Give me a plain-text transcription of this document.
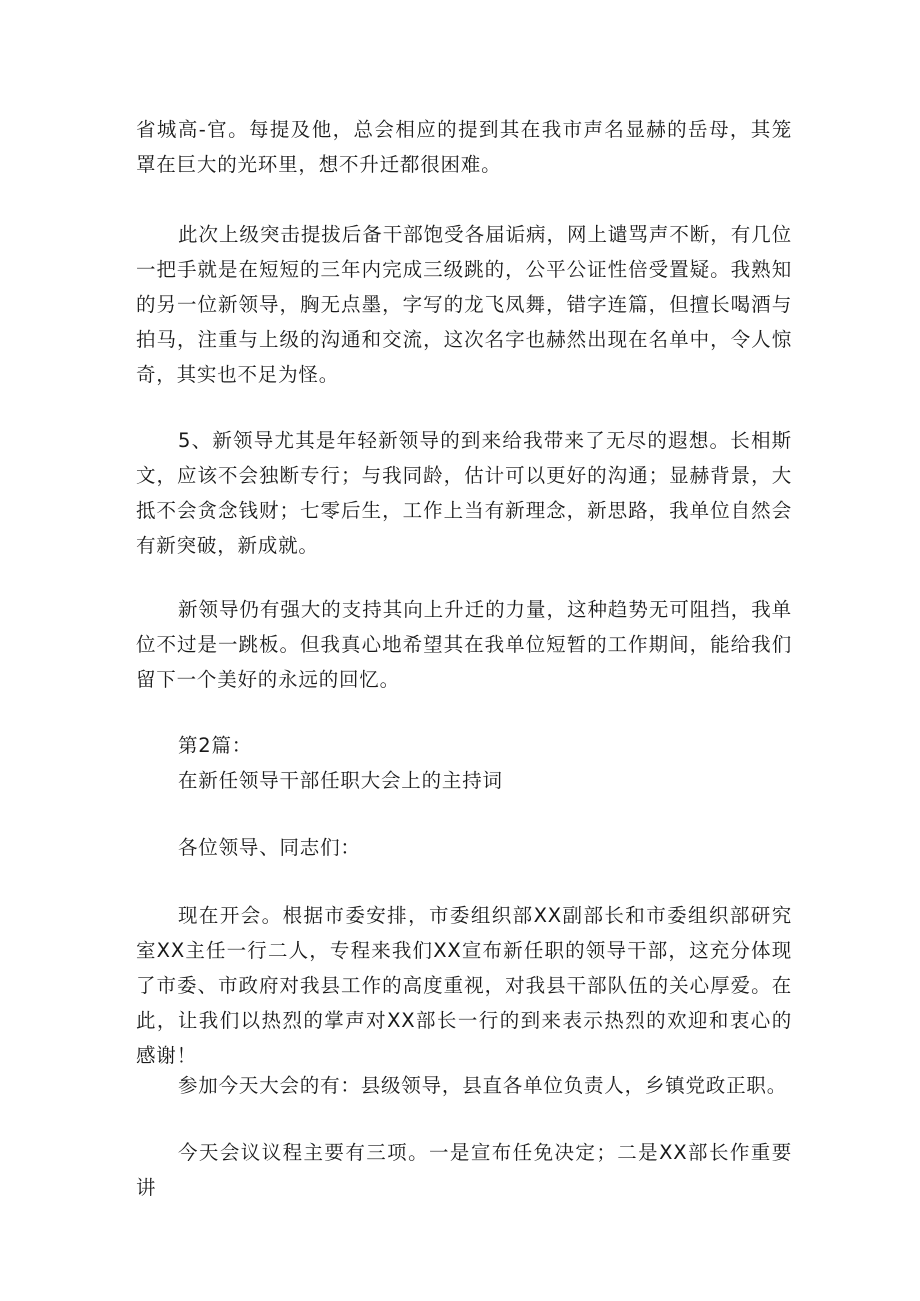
省城高-官。每提及他，总会相应的提到其在我市声名显赫的岳母，其笼罩在巨大的光环里，想不升迁都很困难。

此次上级突击提拔后备干部饱受各届诟病，网上谴骂声不断，有几位一把手就是在短短的三年内完成三级跳的，公平公证性倍受置疑。我熟知的另一位新领导，胸无点墨，字写的龙飞凤舞，错字连篇，但擅长喝酒与拍马，注重与上级的沟通和交流，这次名字也赫然出现在名单中，令人惊奇，其实也不足为怪。

5、新领导尤其是年轻新领导的到来给我带来了无尽的遐想。长相斯文，应该不会独断专行；与我同龄，估计可以更好的沟通；显赫背景，大抵不会贪念钱财；七零后生，工作上当有新理念，新思路，我单位自然会有新突破，新成就。

新领导仍有强大的支持其向上升迁的力量，这种趋势无可阻挡，我单位不过是一跳板。但我真心地希望其在我单位短暂的工作期间，能给我们留下一个美好的永远的回忆。

第2篇：

在新任领导干部任职大会上的主持词

各位领导、同志们：

现在开会。根据市委安排，市委组织部XX副部长和市委组织部研究室XX主任一行二人，专程来我们XX宣布新任职的领导干部，这充分体现了市委、市政府对我县工作的高度重视，对我县干部队伍的关心厚爱。在此，让我们以热烈的掌声对XX部长一行的到来表示热烈的欢迎和衷心的感谢！

参加今天大会的有：县级领导，县直各单位负责人，乡镇党政正职。

今天会议议程主要有三项。一是宣布任免决定；二是XX部长作重要讲
